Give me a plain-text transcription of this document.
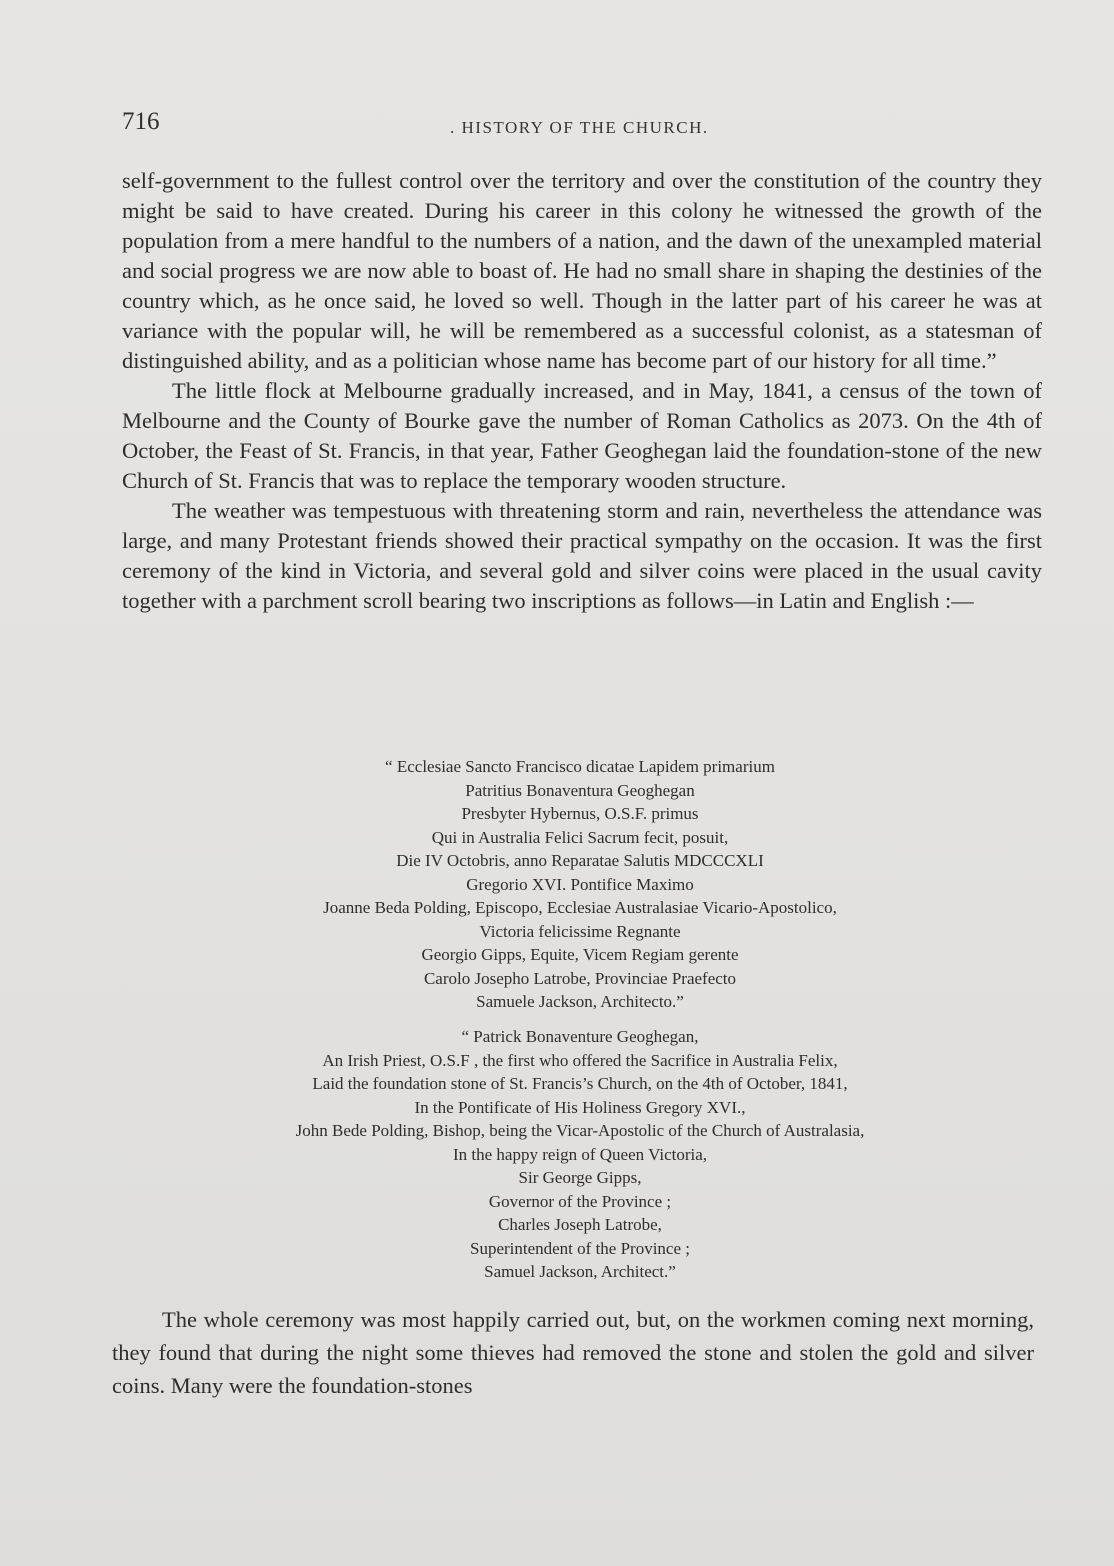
716	. HISTORY OF THE CHURCH.

self-government to the fullest control over the territory and over the constitution of the country they might be said to have created. During his career in this colony he witnessed the growth of the population from a mere handful to the numbers of a nation, and the dawn of the unexampled material and social progress we are now able to boast of. He had no small share in shaping the destinies of the country which, as he once said, he loved so well. Though in the latter part of his career he was at variance with the popular will, he will be remembered as a successful colonist, as a statesman of distinguished ability, and as a politician whose name has become part of our history for all time.”

The little flock at Melbourne gradually increased, and in May, 1841, a census of the town of Melbourne and the County of Bourke gave the number of Roman Catholics as 2073. On the 4th of October, the Feast of St. Francis, in that year, Father Geoghegan laid the foundation-stone of the new Church of St. Francis that was to replace the temporary wooden structure.

The weather was tempestuous with threatening storm and rain, nevertheless the attendance was large, and many Protestant friends showed their practical sympathy on the occasion. It was the first ceremony of the kind in Victoria, and several gold and silver coins were placed in the usual cavity together with a parchment scroll bearing two inscriptions as follows—in Latin and English :—

“ Ecclesiae Sancto Francisco dicatae Lapidem primarium
Patritius Bonaventura Geoghegan
Presbyter Hybernus, O.S.F. primus
Qui in Australia Felici Sacrum fecit, posuit,
Die IV Octobris, anno Reparatae Salutis MDCCCXLI
Gregorio XVI. Pontifice Maximo
Joanne Beda Polding, Episcopo, Ecclesiae Australasiae Vicario-Apostolico,
Victoria felicissime Regnante
Georgio Gipps, Equite, Vicem Regiam gerente
Carolo Josepho Latrobe, Provinciae Praefecto
Samuele Jackson, Architecto.”
“ Patrick Bonaventure Geoghegan,
An Irish Priest, O.S.F , the first who offered the Sacrifice in Australia Felix,
Laid the foundation stone of St. Francis’s Church, on the 4th of October, 1841,
In the Pontificate of His Holiness Gregory XVI.,
John Bede Polding, Bishop, being the Vicar-Apostolic of the Church of Australasia,
In the happy reign of Queen Victoria,
Sir George Gipps,
Governor of the Province ;
Charles Joseph Latrobe,
Superintendent of the Province ;
Samuel Jackson, Architect.”

The whole ceremony was most happily carried out, but, on the workmen coming next morning, they found that during the night some thieves had removed the stone and stolen the gold and silver coins. Many were the foundation-stones
